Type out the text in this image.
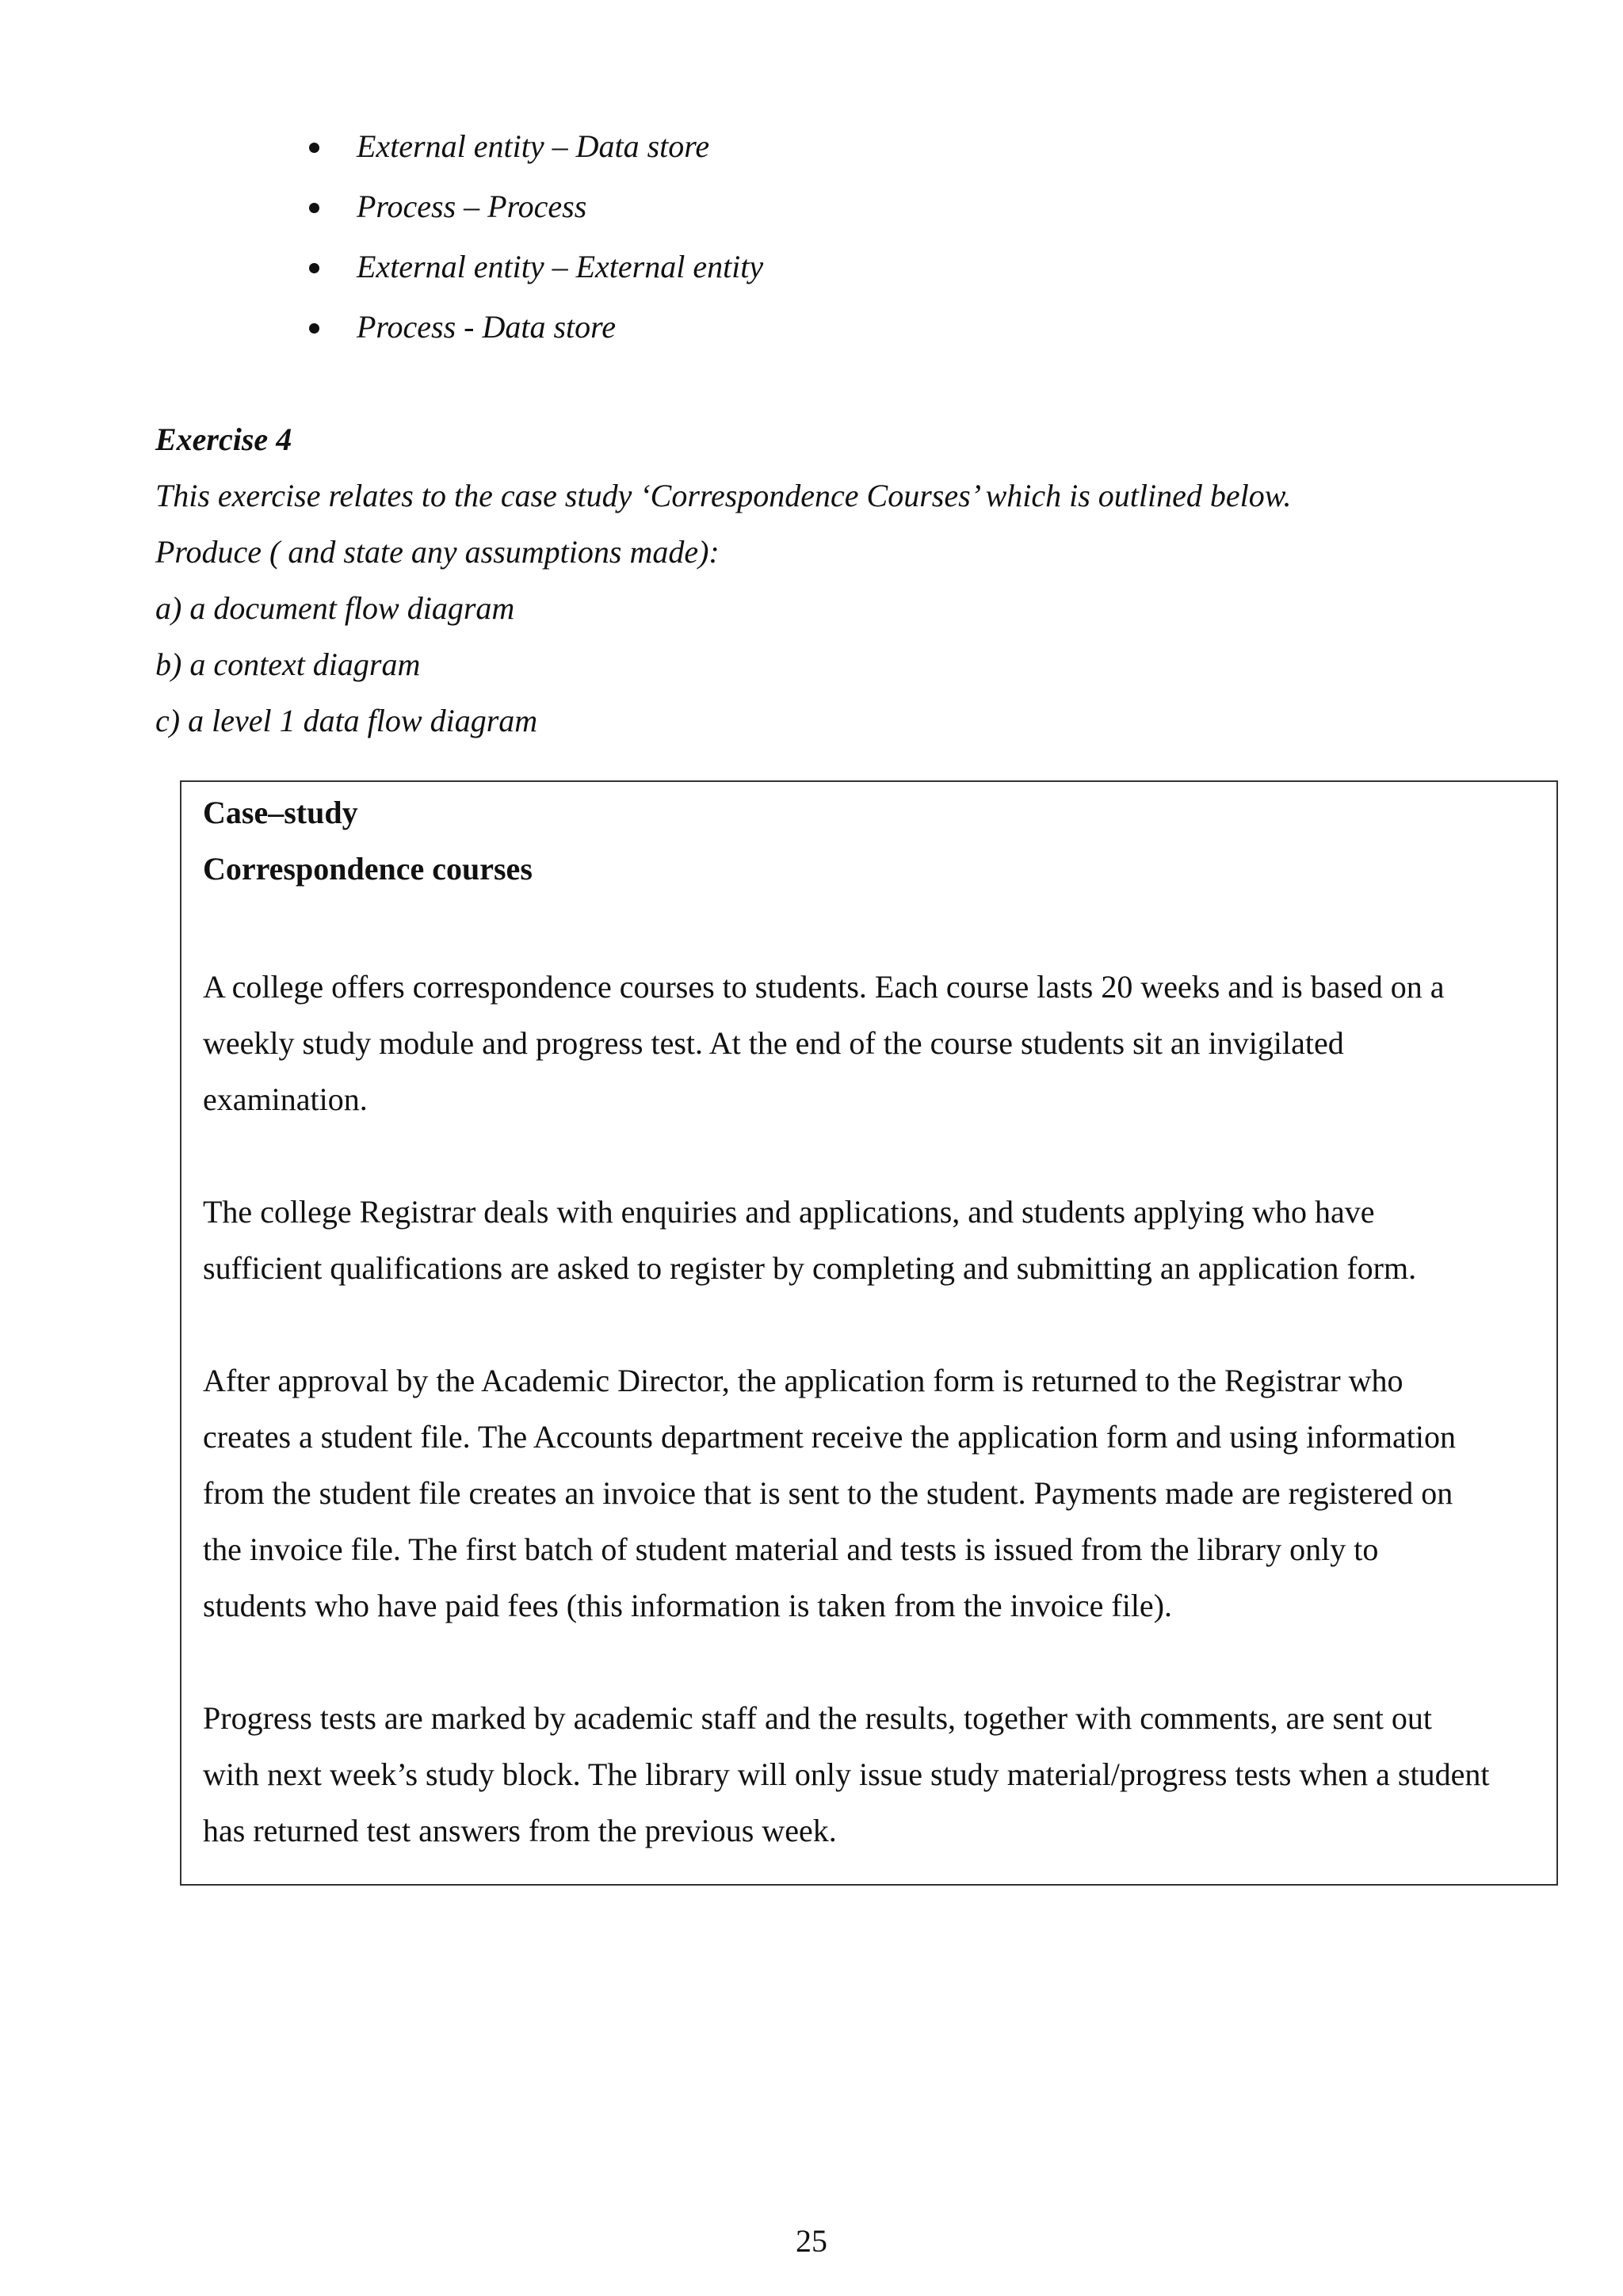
External entity – Data store
Process – Process
External entity – External entity
Process - Data store
Exercise 4
This exercise relates to the case study ‘Correspondence Courses’ which is outlined below.
Produce ( and state any assumptions made):
a) a document flow diagram
b) a context diagram
c) a level 1 data flow diagram
Case–study
Correspondence courses

A college offers correspondence courses to students. Each course lasts 20 weeks and is based on a
weekly study module and progress test. At the end of the course students sit an invigilated
examination.

The college Registrar deals with enquiries and applications, and students applying who have
sufficient qualifications are asked to register by completing and submitting an application form.

After approval by the Academic Director, the application form is returned to the Registrar who
creates a student file. The Accounts department receive the application form and using information
from the student file creates an invoice that is sent to the student. Payments made are registered on
the invoice file. The first batch of student material and tests is issued from the library only to
students who have paid fees (this information is taken from the invoice file).

Progress tests are marked by academic staff and the results, together with comments, are sent out
with next week’s study block. The library will only issue study material/progress tests when a student
has returned test answers from the previous week.

25
